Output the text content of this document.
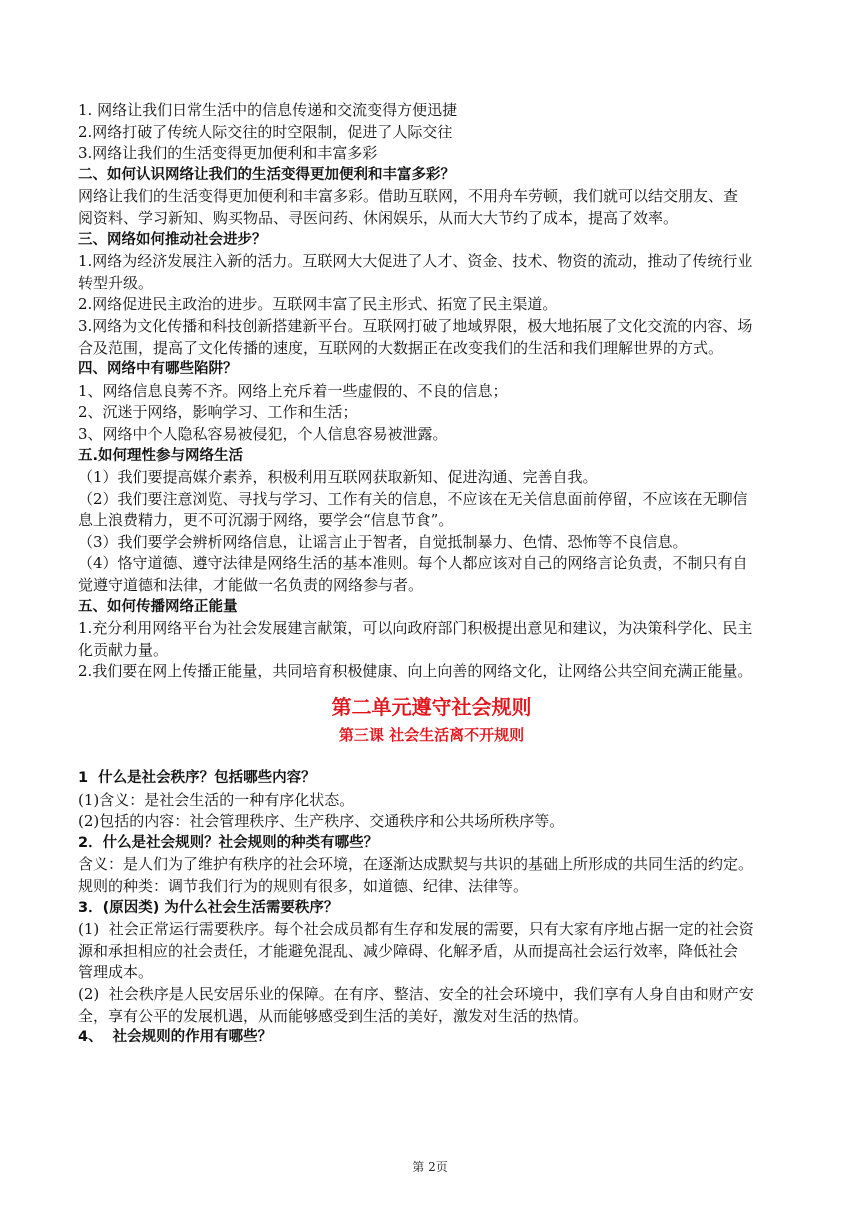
1. 网络让我们日常生活中的信息传递和交流变得方便迅捷
2.网络打破了传统人际交往的时空限制，促进了人际交往
3.网络让我们的生活变得更加便利和丰富多彩
二、如何认识网络让我们的生活变得更加便利和丰富多彩？
网络让我们的生活变得更加便利和丰富多彩。借助互联网，不用舟车劳顿，我们就可以结交朋友、查
阅资料、学习新知、购买物品、寻医问药、休闲娱乐，从而大大节约了成本，提高了效率。
三、网络如何推动社会进步？
1.网络为经济发展注入新的活力。互联网大大促进了人才、资金、技术、物资的流动，推动了传统行业
转型升级。
2.网络促进民主政治的进步。互联网丰富了民主形式、拓宽了民主渠道。
3.网络为文化传播和科技创新搭建新平台。互联网打破了地域界限，极大地拓展了文化交流的内容、场
合及范围，提高了文化传播的速度，互联网的大数据正在改变我们的生活和我们理解世界的方式。
四、网络中有哪些陷阱？
1、网络信息良莠不齐。网络上充斥着一些虚假的、不良的信息；
2、沉迷于网络，影响学习、工作和生活；
3、网络中个人隐私容易被侵犯，个人信息容易被泄露。
五.如何理性参与网络生活
（1）我们要提高媒介素养，积极利用互联网获取新知、促进沟通、完善自我。
（2）我们要注意浏览、寻找与学习、工作有关的信息，不应该在无关信息面前停留，不应该在无聊信
息上浪费精力，更不可沉溺于网络，要学会“信息节食”。
（3）我们要学会辨析网络信息，让谣言止于智者，自觉抵制暴力、色情、恐怖等不良信息。
（4）恪守道德、遵守法律是网络生活的基本准则。每个人都应该对自己的网络言论负责，不制只有自
觉遵守道德和法律，才能做一名负责的网络参与者。
五、如何传播网络正能量
1.充分利用网络平台为社会发展建言献策，可以向政府部门积极提出意见和建议，为决策科学化、民主
化贡献力量。
2.我们要在网上传播正能量，共同培育积极健康、向上向善的网络文化，让网络公共空间充满正能量。
第二单元遵守社会规则
第三课 社会生活离不开规则
1  什么是社会秩序？包括哪些内容？
(1)含义：是社会生活的一种有序化状态。
(2)包括的内容：社会管理秩序、生产秩序、交通秩序和公共场所秩序等。
2．什么是社会规则？社会规则的种类有哪些？
含义：是人们为了维护有秩序的社会环境，在逐渐达成默契与共识的基础上所形成的共同生活的约定。
规则的种类：调节我们行为的规则有很多，如道德、纪律、法律等。
3．(原因类) 为什么社会生活需要秩序？
(1)  社会正常运行需要秩序。每个社会成员都有生存和发展的需要，只有大家有序地占据一定的社会资
源和承担相应的社会责任，才能避免混乱、减少障碍、化解矛盾，从而提高社会运行效率，降低社会
管理成本。
(2)  社会秩序是人民安居乐业的保障。在有序、整洁、安全的社会环境中，我们享有人身自由和财产安
全，享有公平的发展机遇，从而能够感受到生活的美好，激发对生活的热情。
4、  社会规则的作用有哪些？
第 2页
